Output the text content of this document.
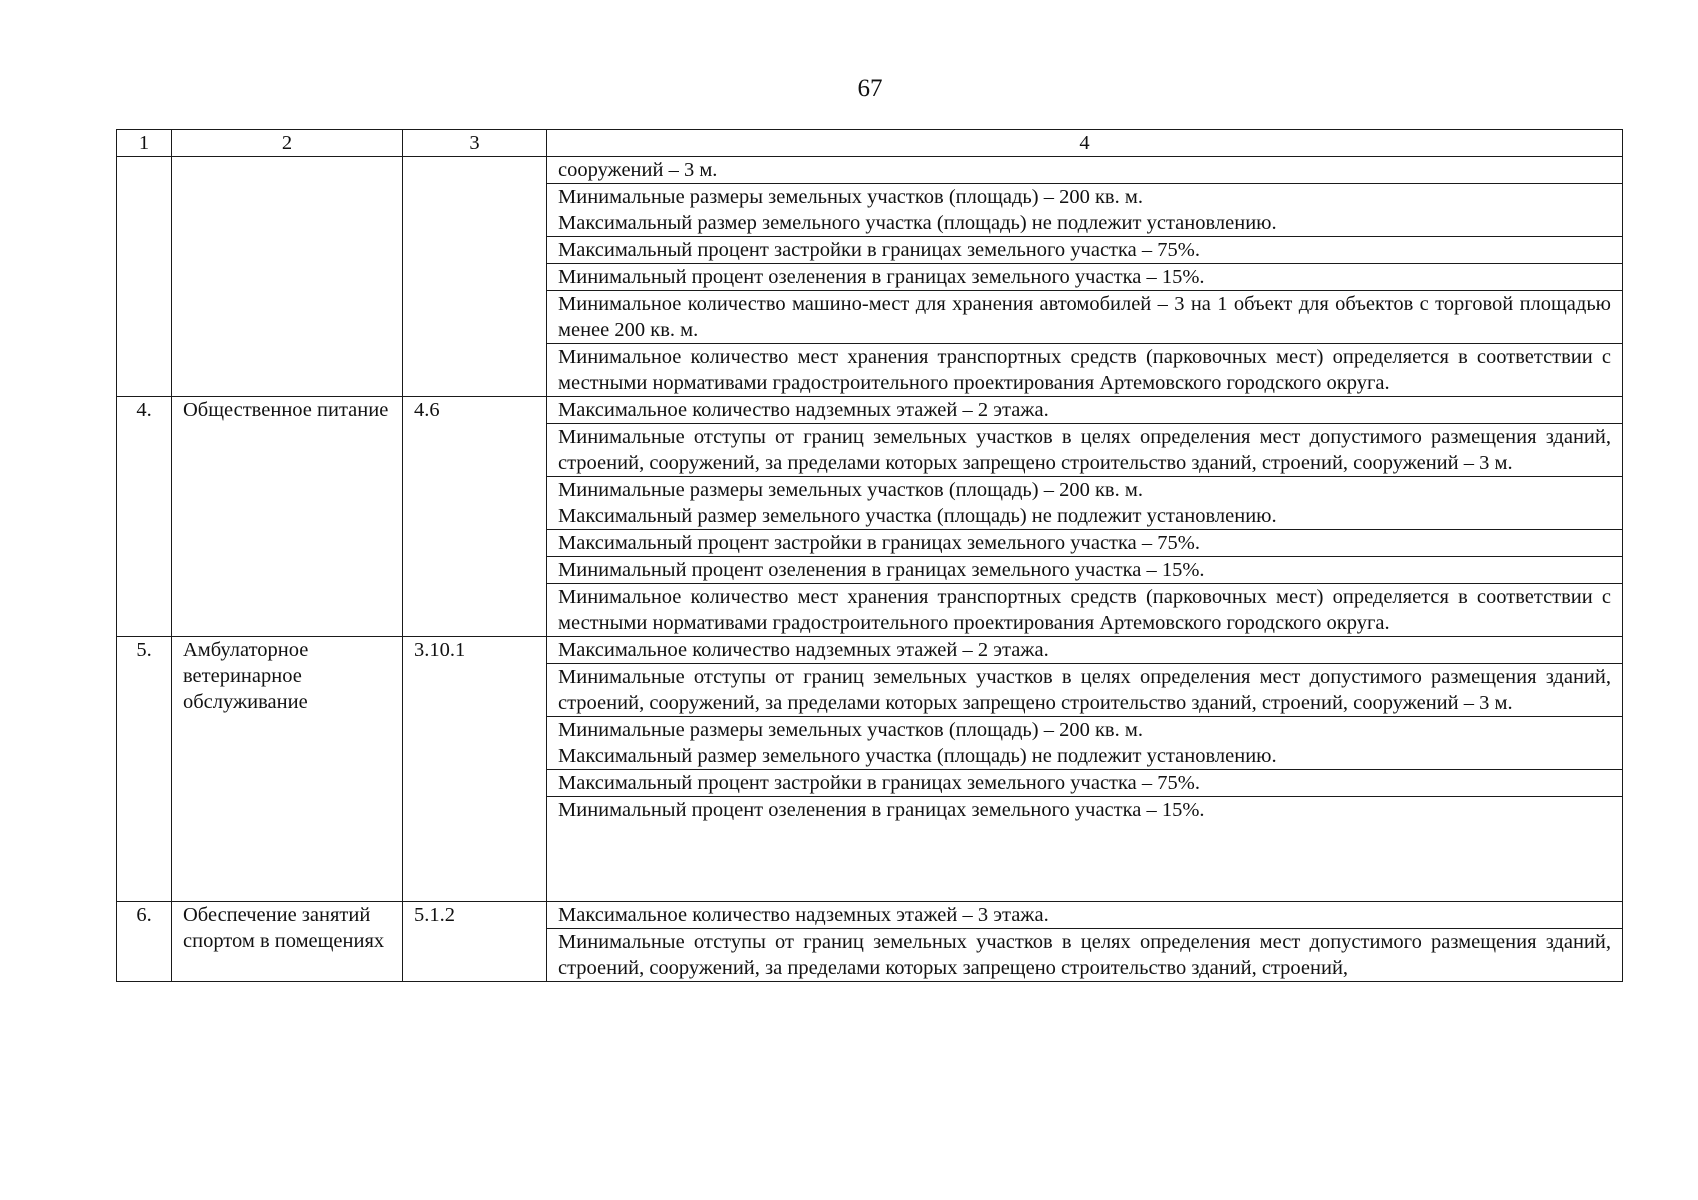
67
1	2	3	4

			сооружений – 3 м.

			Минимальные размеры земельных участков (площадь) – 200 кв. м.
Максимальный размер земельного участка (площадь) не подлежит установлению.

			Максимальный процент застройки в границах земельного участка – 75%.

			Минимальный процент озеленения в границах земельного участка – 15%.

			Минимальное количество машино-мест для хранения автомобилей – 3 на 1 объект для объектов с торговой площадью менее 200 кв. м.

			Минимальное количество мест хранения транспортных средств (парковочных мест) определяется в соответствии с местными нормативами градостроительного проектирования Артемовского городского округа.

4.	Общественное питание	4.6	Максимальное количество надземных этажей – 2 этажа.

			Минимальные отступы от границ земельных участков в целях определения мест допустимого размещения зданий, строений, сооружений, за пределами которых запрещено строительство зданий, строений, сооружений – 3 м.

			Минимальные размеры земельных участков (площадь) – 200 кв. м.
Максимальный размер земельного участка (площадь) не подлежит установлению.

			Максимальный процент застройки в границах земельного участка – 75%.

			Минимальный процент озеленения в границах земельного участка – 15%.

			Минимальное количество мест хранения транспортных средств (парковочных мест) определяется в соответствии с местными нормативами градостроительного проектирования Артемовского городского округа.

5.	Амбулаторное ветеринарное обслуживание	3.10.1	Максимальное количество надземных этажей – 2 этажа.

			Минимальные отступы от границ земельных участков в целях определения мест допустимого размещения зданий, строений, сооружений, за пределами которых запрещено строительство зданий, строений, сооружений – 3 м.

			Минимальные размеры земельных участков (площадь) – 200 кв. м.
Максимальный размер земельного участка (площадь) не подлежит установлению.

			Максимальный процент застройки в границах земельного участка – 75%.

			Минимальный процент озеленения в границах земельного участка – 15%.

6.	Обеспечение занятий спортом в помещениях	5.1.2	Максимальное количество надземных этажей – 3 этажа.

			Минимальные отступы от границ земельных участков в целях определения мест допустимого размещения зданий, строений, сооружений, за пределами которых запрещено строительство зданий, строений,
